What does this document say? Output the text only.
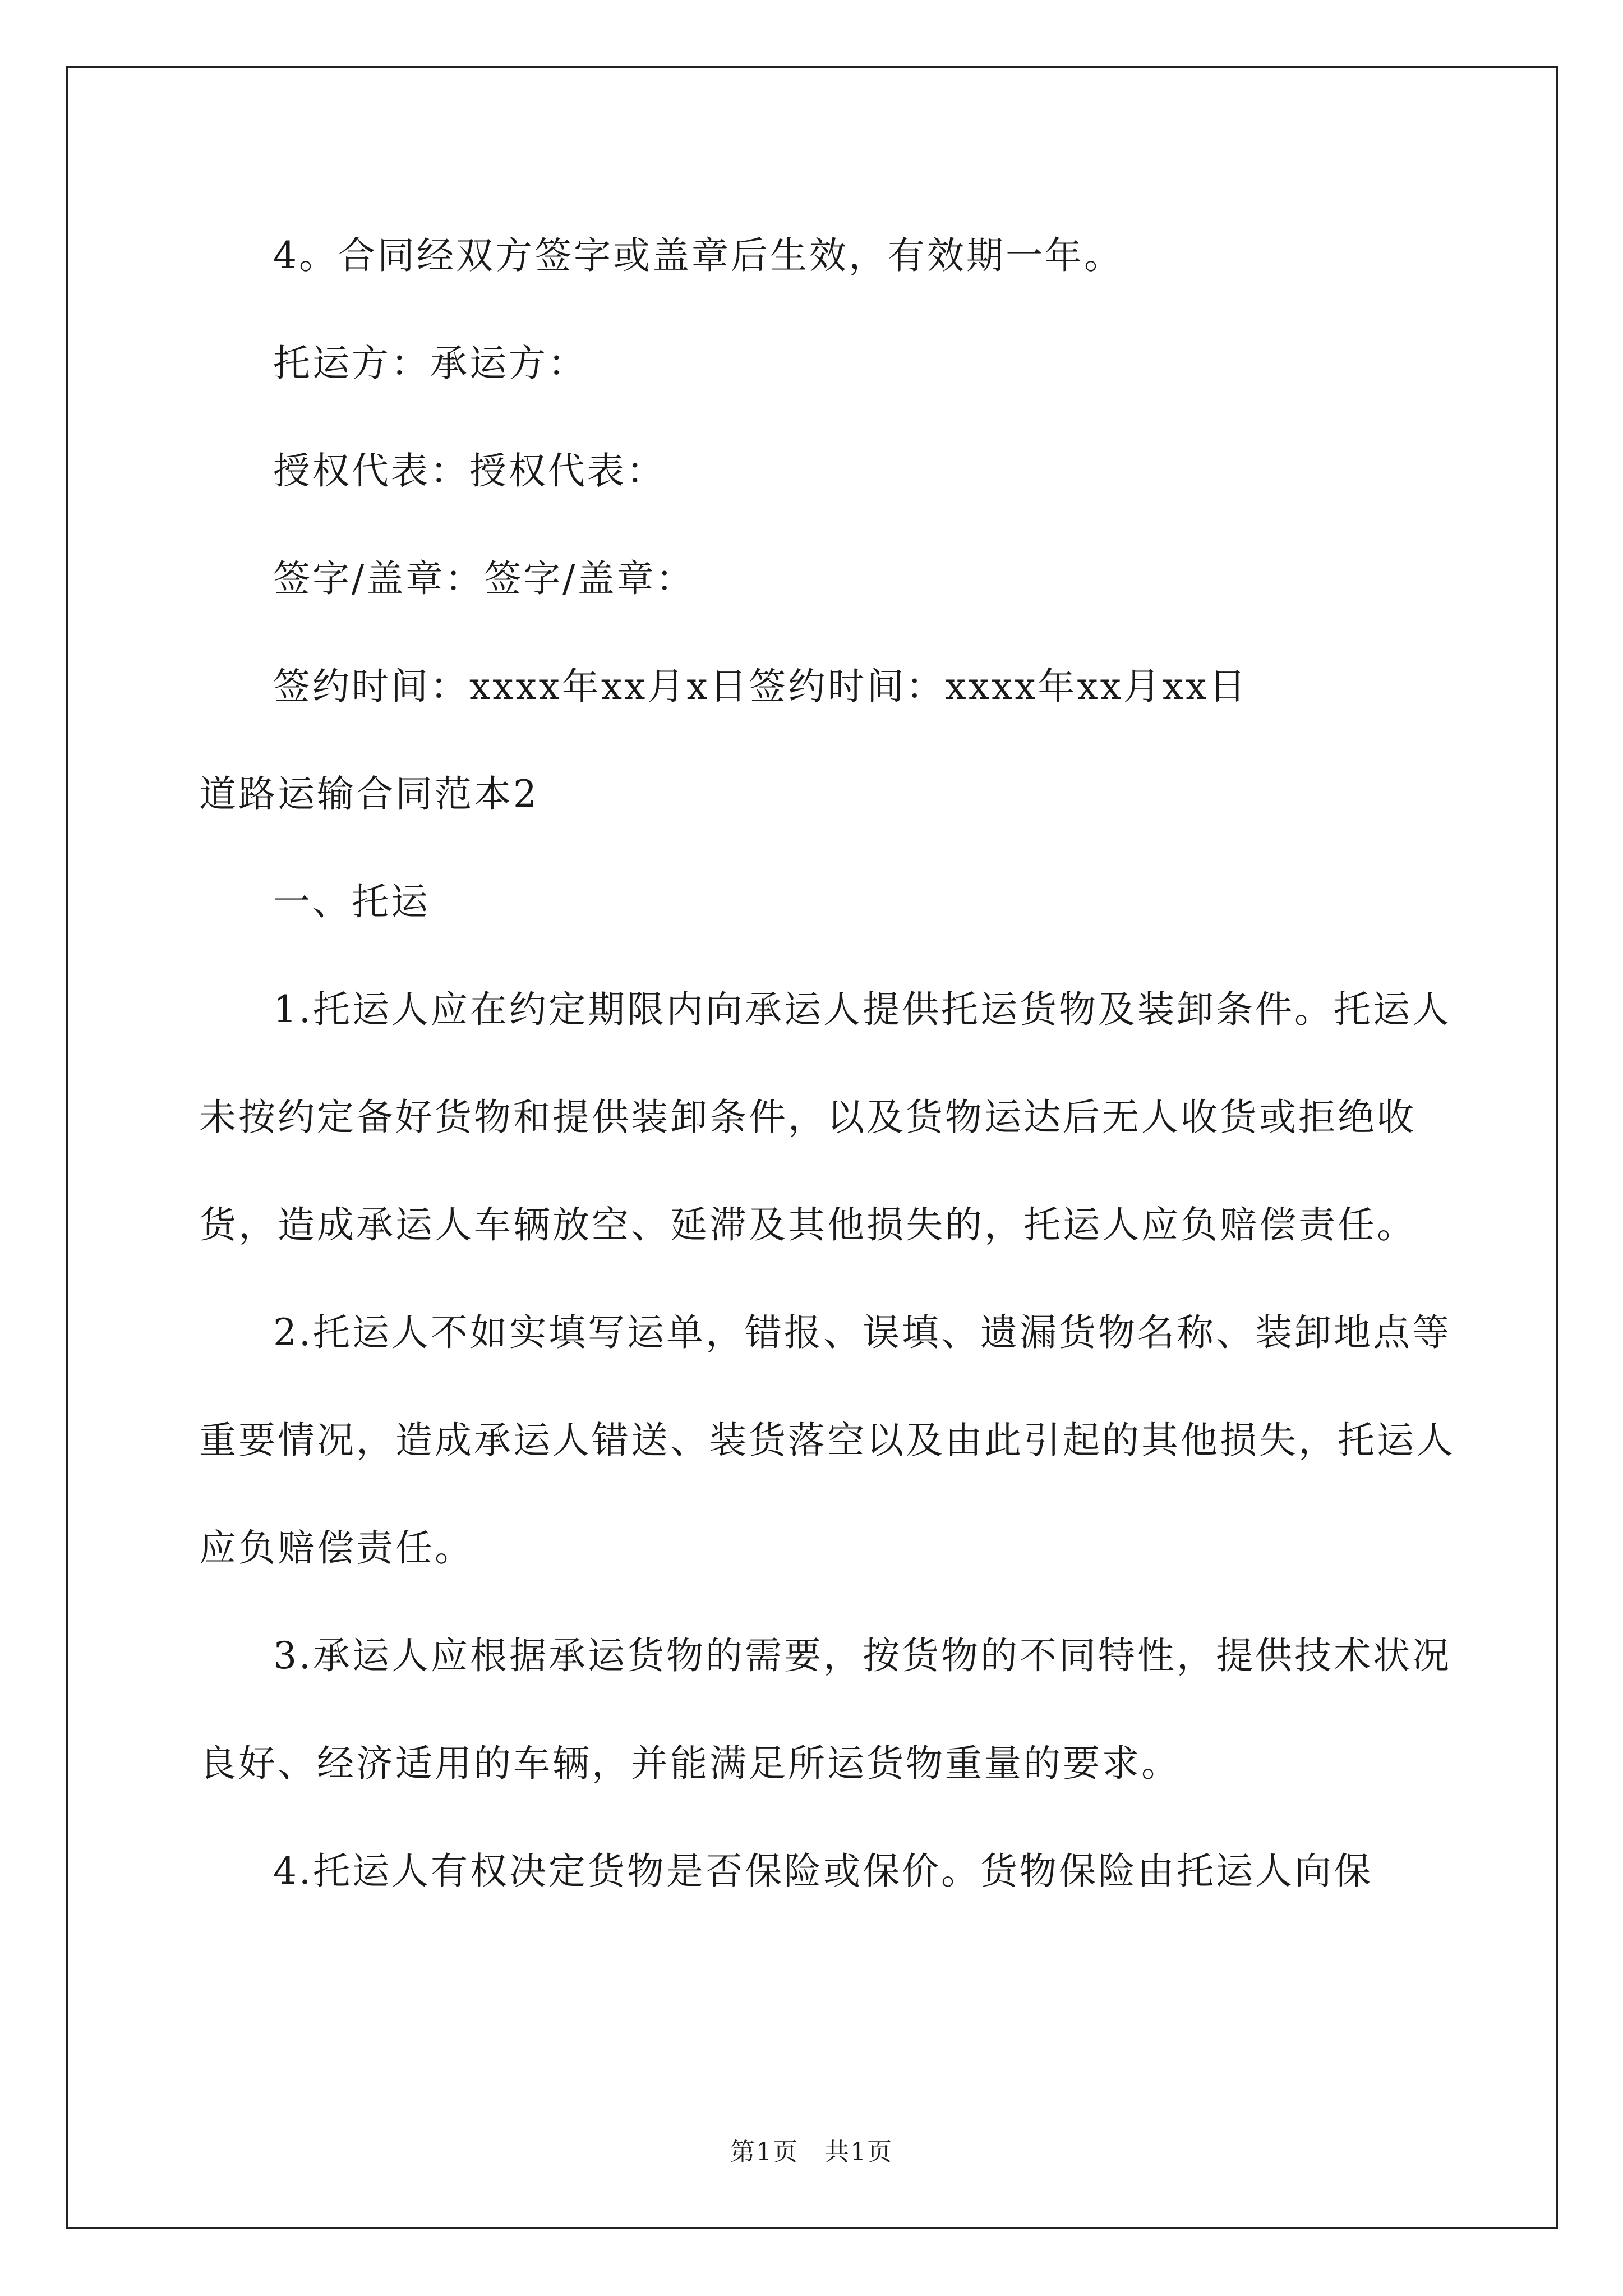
4。合同经双方签字或盖章后生效，有效期一年。

托运方：承运方：

授权代表：授权代表：

签字/盖章：签字/盖章：

签约时间：xxxx年xx月x日签约时间：xxxx年xx月xx日

道路运输合同范本2

一、托运

1.托运人应在约定期限内向承运人提供托运货物及装卸条件。托运人未按约定备好货物和提供装卸条件，以及货物运达后无人收货或拒绝收货，造成承运人车辆放空、延滞及其他损失的，托运人应负赔偿责任。

2.托运人不如实填写运单，错报、误填、遗漏货物名称、装卸地点等重要情况，造成承运人错送、装货落空以及由此引起的其他损失，托运人应负赔偿责任。

3.承运人应根据承运货物的需要，按货物的不同特性，提供技术状况良好、经济适用的车辆，并能满足所运货物重量的要求。

4.托运人有权决定货物是否保险或保价。货物保险由托运人向保

第1页　共1页
